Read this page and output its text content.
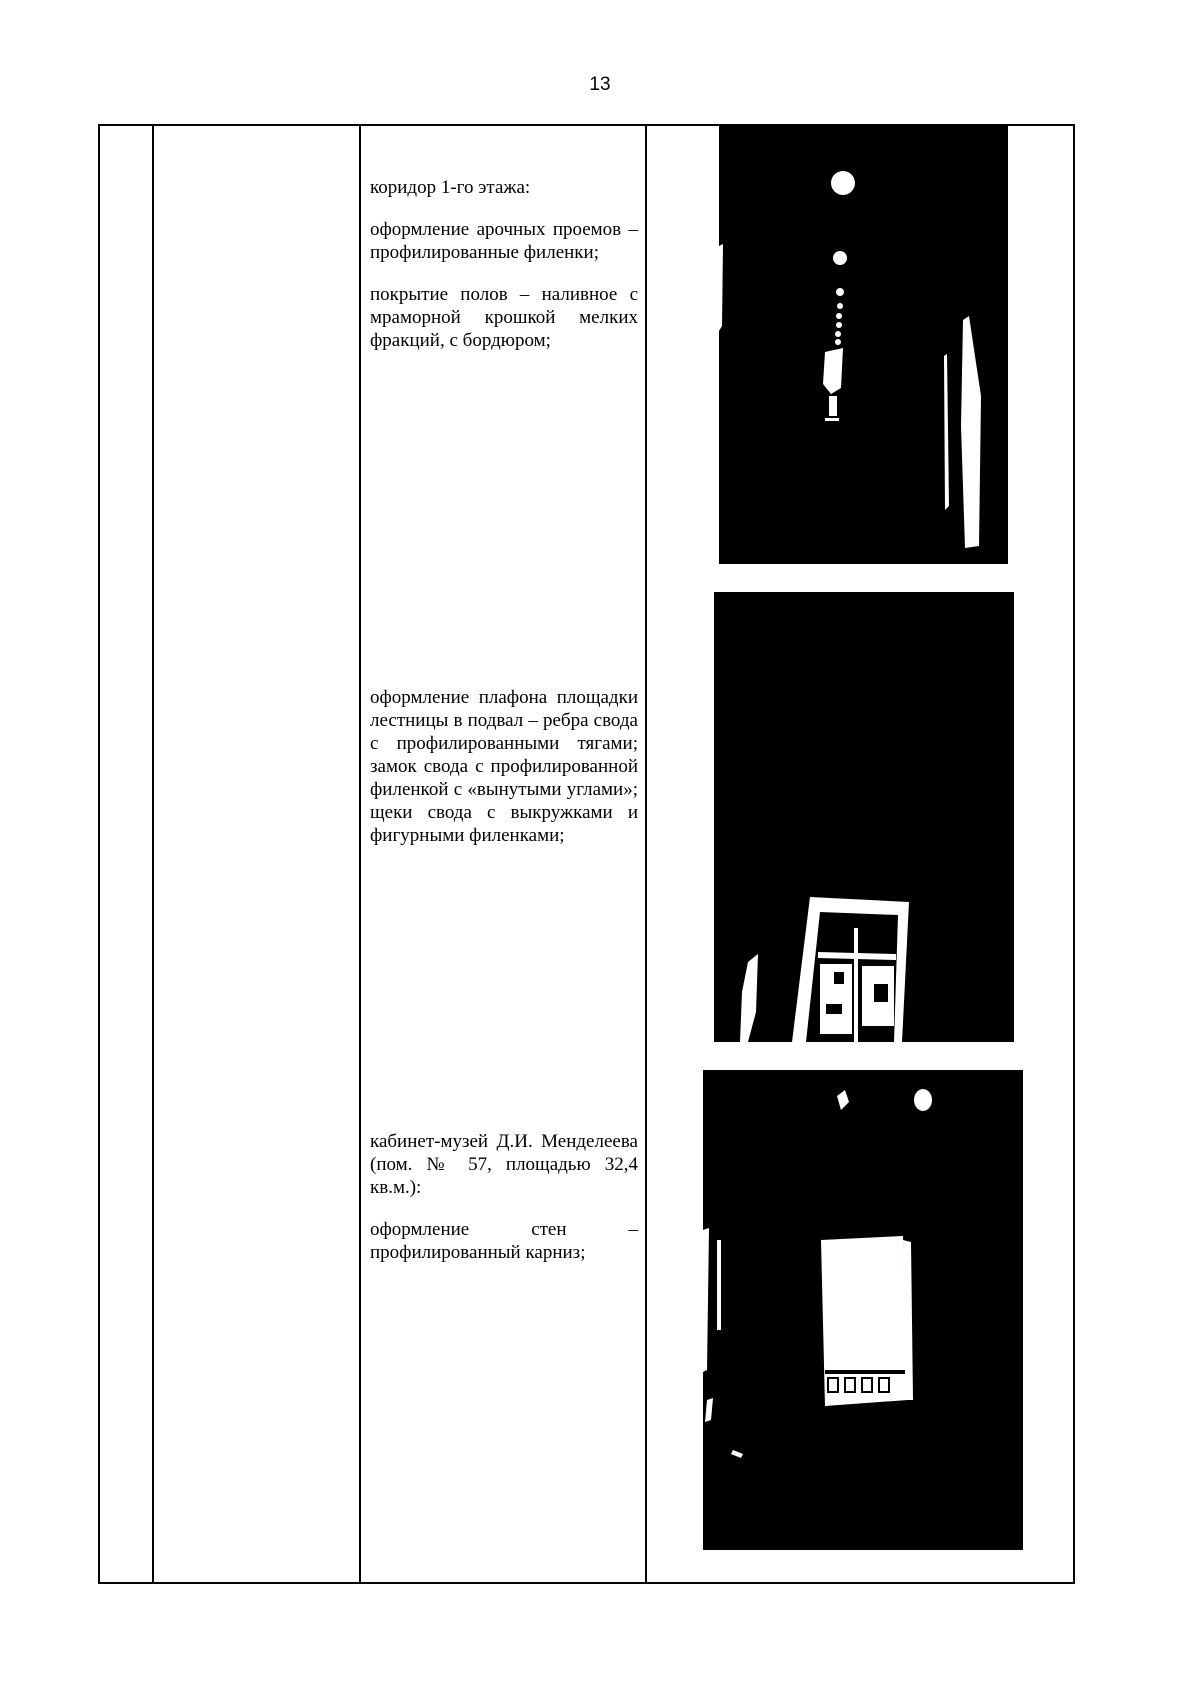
13

коридор 1-го этажа:

оформление арочных проемов – профилированные филенки;

покрытие полов – наливное с мраморной крошкой мелких фракций, с бордюром;

оформление плафона площадки лестницы в подвал – ребра свода с профилированными тягами; замок свода с профилированной филенкой с «вынутыми углами»; щеки свода с выкружками и фигурными филенками;

кабинет-музей Д.И. Менделеева (пом. № 57, площадью 32,4 кв.м.):

оформление стен – профилированный карниз;
